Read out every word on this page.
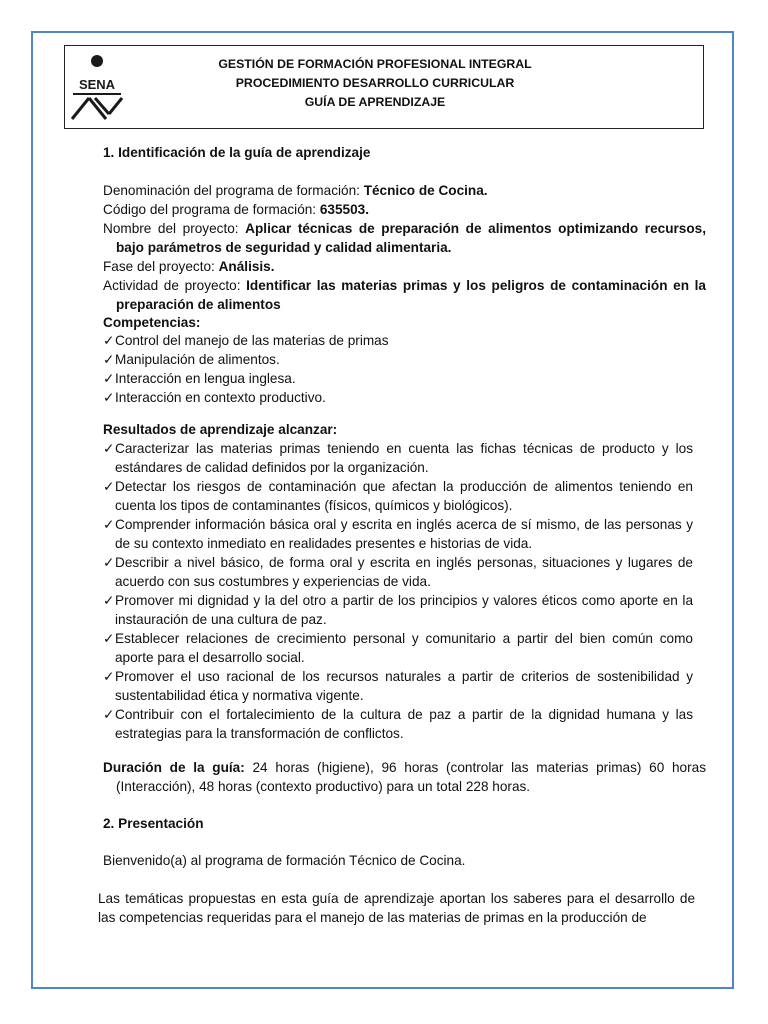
SENA
GESTIÓN DE FORMACIÓN PROFESIONAL INTEGRAL
PROCEDIMIENTO DESARROLLO CURRICULAR
GUÍA DE APRENDIZAJE

1. Identificación de la guía de aprendizaje

Denominación del programa de formación: Técnico de Cocina.

Código del programa de formación: 635503.

Nombre del proyecto: Aplicar técnicas de preparación de alimentos optimizando recursos, bajo parámetros de seguridad y calidad alimentaria.

Fase del proyecto: Análisis.

Actividad de proyecto: Identificar las materias primas y los peligros de contaminación en la preparación de alimentos

Competencias:

✓Control del manejo de las materias de primas
✓Manipulación de alimentos.
✓Interacción en lengua inglesa.
✓Interacción en contexto productivo.

Resultados de aprendizaje alcanzar:

✓Caracterizar las materias primas teniendo en cuenta las fichas técnicas de producto y los estándares de calidad definidos por la organización.
✓Detectar los riesgos de contaminación que afectan la producción de alimentos teniendo en cuenta los tipos de contaminantes (físicos, químicos y biológicos).
✓Comprender información básica oral y escrita en inglés acerca de sí mismo, de las personas y de su contexto inmediato en realidades presentes e historias de vida.
✓Describir a nivel básico, de forma oral y escrita en inglés personas, situaciones y lugares de acuerdo con sus costumbres y experiencias de vida.
✓Promover mi dignidad y la del otro a partir de los principios y valores éticos como aporte en la instauración de una cultura de paz.
✓Establecer relaciones de crecimiento personal y comunitario a partir del bien común como aporte para el desarrollo social.
✓Promover el uso racional de los recursos naturales a partir de criterios de sostenibilidad y sustentabilidad ética y normativa vigente.
✓Contribuir con el fortalecimiento de la cultura de paz a partir de la dignidad humana y las estrategias para la transformación de conflictos.

Duración de la guía: 24 horas (higiene), 96 horas (controlar las materias primas) 60 horas (Interacción), 48 horas (contexto productivo) para un total 228 horas.

2. Presentación

Bienvenido(a) al programa de formación Técnico de Cocina.

Las temáticas propuestas en esta guía de aprendizaje aportan los saberes para el desarrollo de las competencias requeridas para el manejo de las materias de primas en la producción de
